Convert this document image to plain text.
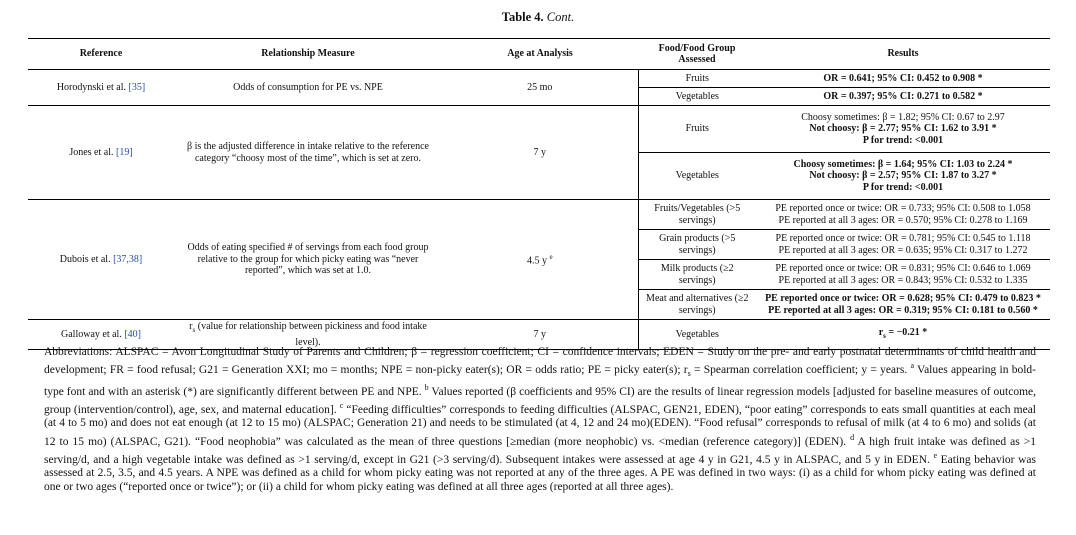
Table 4. Cont.
Reference	Relationship Measure	Age at Analysis	Food/Food Group Assessed	Results
Horodynski et al. [35]	Odds of consumption for PE vs. NPE	25 mo	Fruits	OR = 0.641; 95% CI: 0.452 to 0.908 *
			Vegetables	OR = 0.397; 95% CI: 0.271 to 0.582 *
Jones et al. [19]	β is the adjusted difference in intake relative to the reference category “choosy most of the time”, which is set at zero.	7 y	Fruits	Choosy sometimes: β = 1.82; 95% CI: 0.67 to 2.97
Not choosy: β = 2.77; 95% CI: 1.62 to 3.91 *
P for trend: <0.001

			Vegetables	Choosy sometimes: β = 1.64; 95% CI: 1.03 to 2.24 *
Not choosy: β = 2.57; 95% CI: 1.87 to 3.27 *
P for trend: <0.001

Dubois et al. [37,38]	Odds of eating specified # of servings from each food group relative to the group for which picky eating was “never reported”, which was set at 1.0.	4.5 y $^e$	Fruits/Vegetables (>5 servings)	PE reported once or twice: OR = 0.733; 95% CI: 0.508 to 1.058
PE reported at all 3 ages: OR = 0.570; 95% CI: 0.278 to 1.169

			Grain products (>5 servings)	PE reported once or twice: OR = 0.781; 95% CI: 0.545 to 1.118
PE reported at all 3 ages: OR = 0.635; 95% CI: 0.317 to 1.272

			Milk products (≥2 servings)	PE reported once or twice: OR = 0.831; 95% CI: 0.646 to 1.069
PE reported at all 3 ages: OR = 0.843; 95% CI: 0.532 to 1.335

			Meat and alternatives (≥2 servings)	PE reported once or twice: OR = 0.628; 95% CI: 0.479 to 0.823 *
PE reported at all 3 ages: OR = 0.319; 95% CI: 0.181 to 0.560 *

Galloway et al. [40]	$r_s$ (value for relationship between pickiness and food intake level).	7 y	Vegetables	$r_s = -0.21$ *

Abbreviations: ALSPAC = Avon Longitudinal Study of Parents and Children; β = regression coefficient; CI = confidence intervals; EDEN = Study on the pre- and early postnatal determinants of child health and development; FR = food refusal; G21 = Generation XXI; mo = months; NPE = non-picky eater(s); OR = odds ratio; PE = picky eater(s); $r_s$ = Spearman correlation coefficient; y = years. $^a$ Values appearing in bold-type font and with an asterisk (*) are significantly different between PE and NPE. $^b$ Values reported (β coefficients and 95% CI) are the results of linear regression models [adjusted for baseline measures of outcome, group (intervention/control), age, sex, and maternal education]. $^c$ “Feeding difficulties” corresponds to feeding difficulties (ALSPAC, GEN21, EDEN), “poor eating” corresponds to eats small quantities at each meal (at 4 to 5 mo) and does not eat enough (at 12 to 15 mo) (ALSPAC; Generation 21) and needs to be stimulated (at 4, 12 and 24 mo)(EDEN). “Food refusal” corresponds to refusal of milk (at 4 to 6 mo) and solids (at 12 to 15 mo) (ALSPAC, G21). “Food neophobia” was calculated as the mean of three questions [≥median (more neophobic) vs. <median (reference category)] (EDEN). $^d$ A high fruit intake was defined as >1 serving/d, and a high vegetable intake was defined as >1 serving/d, except in G21 (>3 serving/d). Subsequent intakes were assessed at age 4 y in G21, 4.5 y in ALSPAC, and 5 y in EDEN. $^e$ Eating behavior was assessed at 2.5, 3.5, and 4.5 years. A NPE was defined as a child for whom picky eating was not reported at any of the three ages. A PE was defined in two ways: (i) as a child for whom picky eating was defined at one or two ages (“reported once or twice”); or (ii) a child for whom picky eating was defined at all three ages (reported at all three ages).
